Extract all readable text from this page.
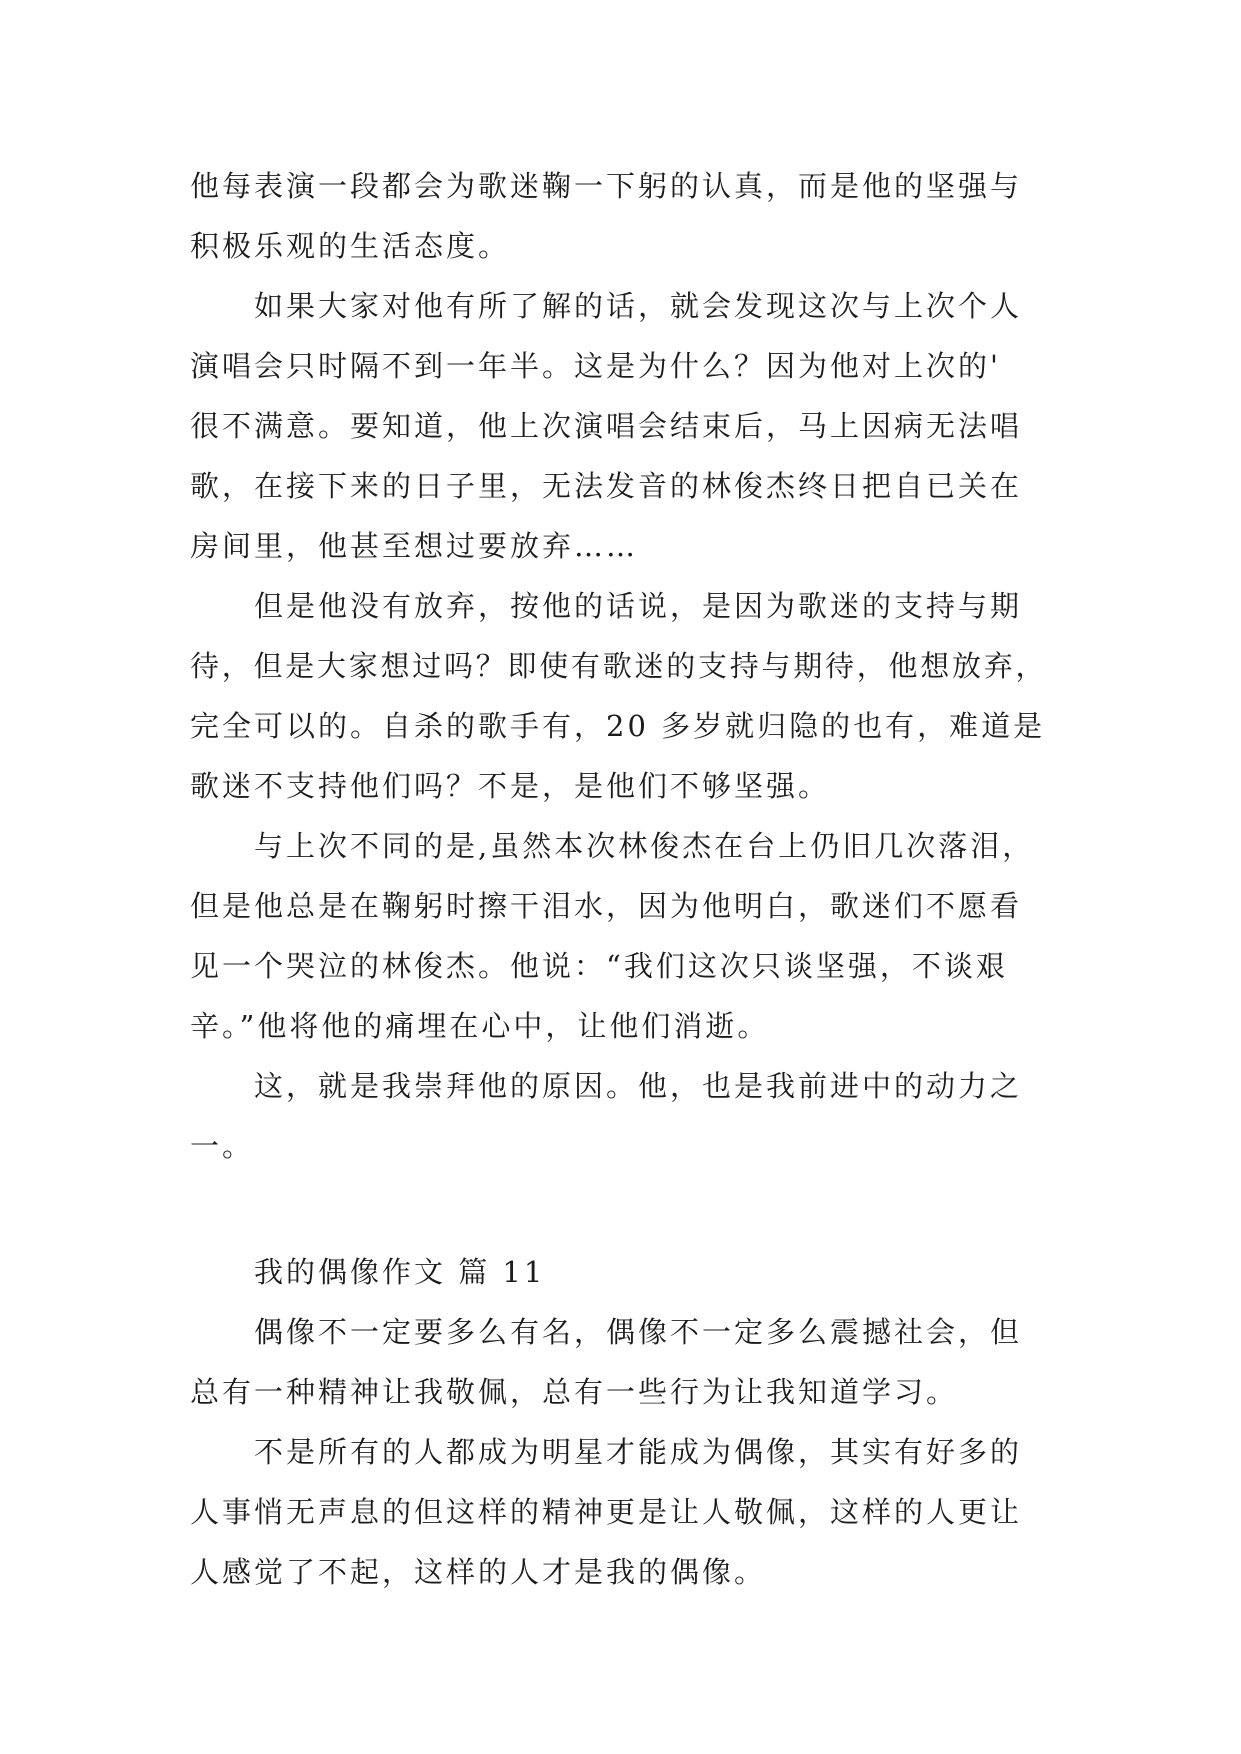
他每表演一段都会为歌迷鞠一下躬的认真，而是他的坚强与
积极乐观的生活态度。
如果大家对他有所了解的话，就会发现这次与上次个人
演唱会只时隔不到一年半。这是为什么？因为他对上次的'
很不满意。要知道，他上次演唱会结束后，马上因病无法唱
歌，在接下来的日子里，无法发音的林俊杰终日把自已关在
房间里，他甚至想过要放弃……
但是他没有放弃，按他的话说，是因为歌迷的支持与期
待，但是大家想过吗？即使有歌迷的支持与期待，他想放弃，
完全可以的。自杀的歌手有，20 多岁就归隐的也有，难道是
歌迷不支持他们吗？不是，是他们不够坚强。
与上次不同的是,虽然本次林俊杰在台上仍旧几次落泪，
但是他总是在鞠躬时擦干泪水，因为他明白，歌迷们不愿看
见一个哭泣的林俊杰。他说：“我们这次只谈坚强，不谈艰
辛。”他将他的痛埋在心中，让他们消逝。
这，就是我崇拜他的原因。他，也是我前进中的动力之
一。
我的偶像作文 篇 11
偶像不一定要多么有名，偶像不一定多么震撼社会，但
总有一种精神让我敬佩，总有一些行为让我知道学习。
不是所有的人都成为明星才能成为偶像，其实有好多的
人事悄无声息的但这样的精神更是让人敬佩，这样的人更让
人感觉了不起，这样的人才是我的偶像。
